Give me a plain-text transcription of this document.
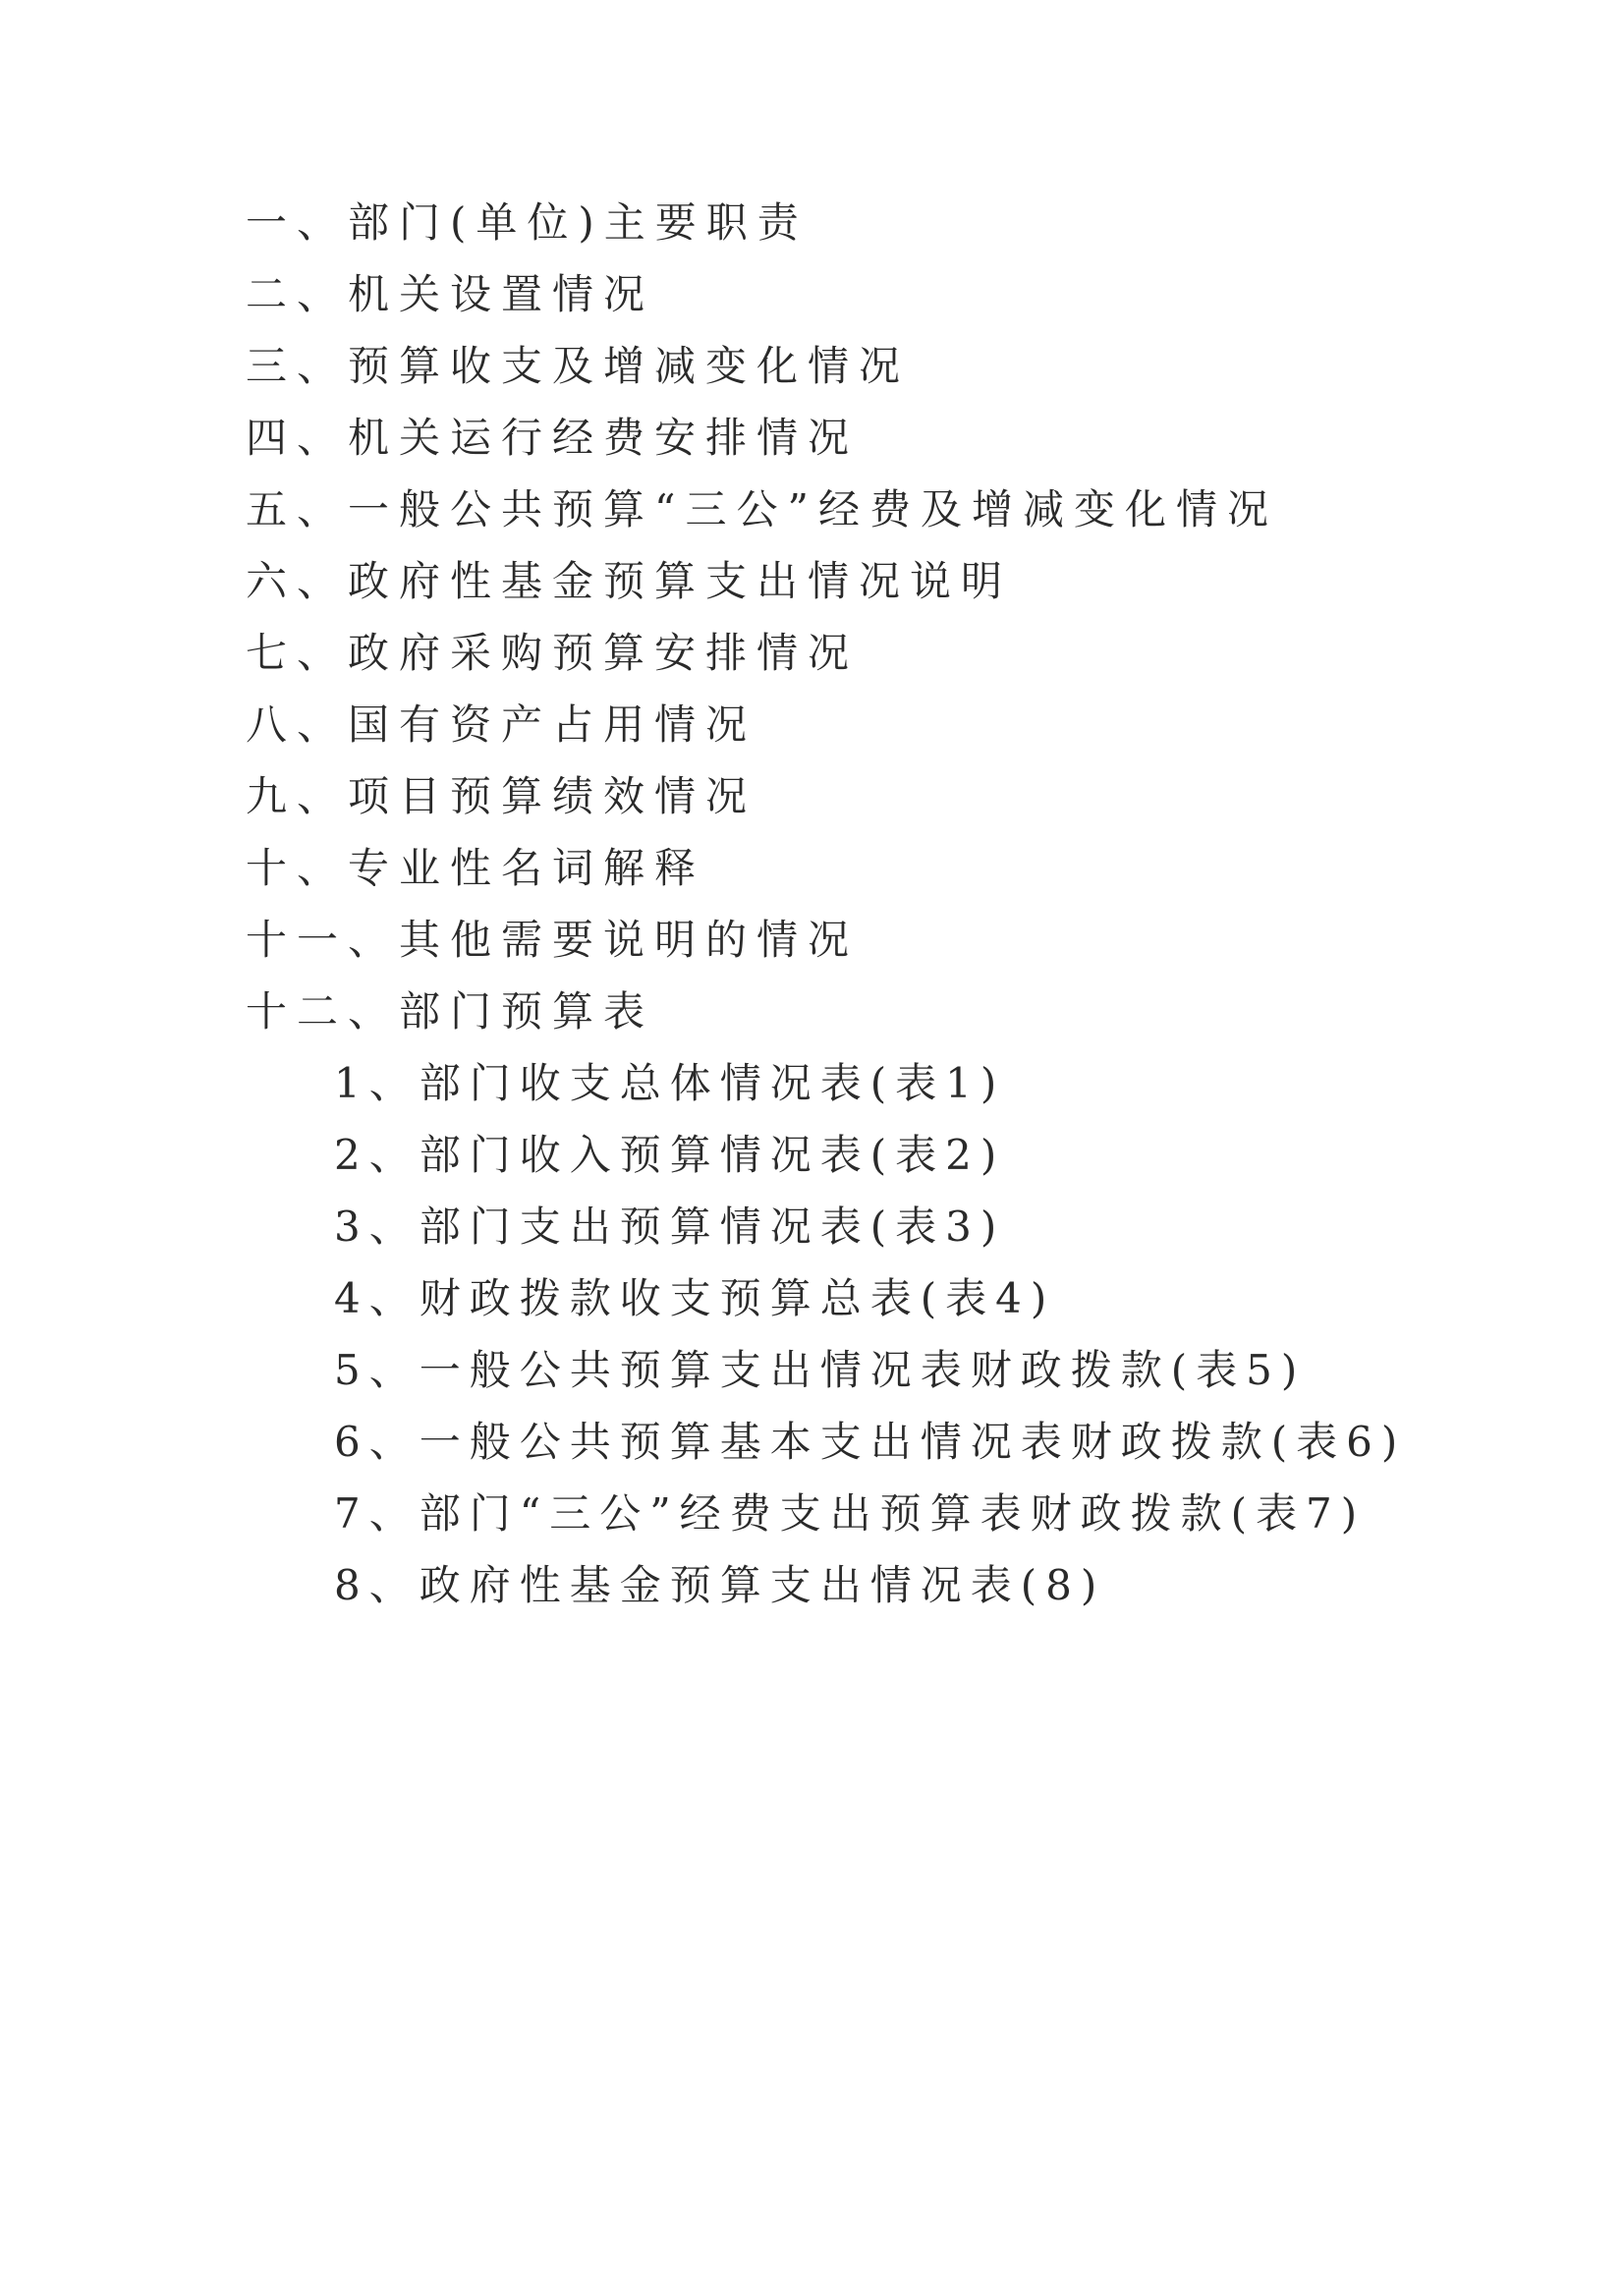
一、部门(单位)主要职责
二、机关设置情况
三、预算收支及增减变化情况
四、机关运行经费安排情况
五、一般公共预算“三公”经费及增减变化情况
六、政府性基金预算支出情况说明
七、政府采购预算安排情况
八、国有资产占用情况
九、项目预算绩效情况
十、专业性名词解释
十一、其他需要说明的情况
十二、部门预算表
1、部门收支总体情况表(表1)
2、部门收入预算情况表(表2)
3、部门支出预算情况表(表3)
4、财政拨款收支预算总表(表4)
5、一般公共预算支出情况表财政拨款(表5)
6、一般公共预算基本支出情况表财政拨款(表6)
7、部门“三公”经费支出预算表财政拨款(表7)
8、政府性基金预算支出情况表(8)
